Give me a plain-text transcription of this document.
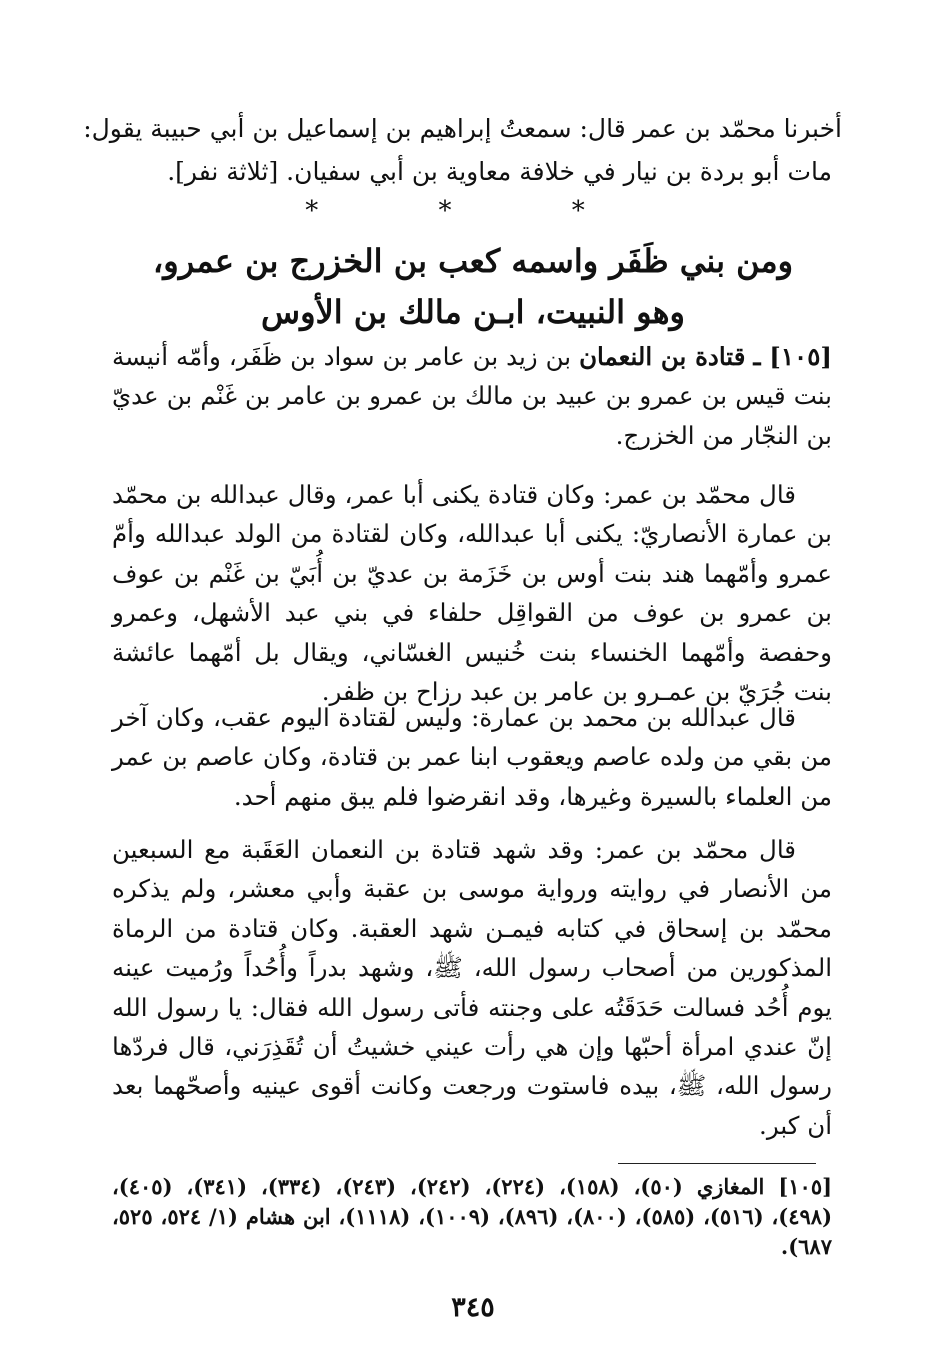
أخبرنا محمّد بن عمر قال: سمعتُ إبراهيم بن إسماعيل بن أبي حبيبة يقول:
مات أبو بردة بن نيار في خلافة معاوية بن أبي سفيان. [ثلاثة نفر].
* * *
ومن بني ظَفَر واسمه كعب بن الخزرج بن عمرو،
وهو النبيت، ابـن مالك بن الأوس
[١٠٥] ـ قتادة بن النعمان بن زيد بن عامر بن سواد بن ظَفَر، وأمّه أنيسة بنت قيس بن عمرو بن عبيد بن مالك بن عمرو بن عامر بن غَنْم بن عديّ بن النجّار من الخزرج.
قال محمّد بن عمر: وكان قتادة يكنى أبا عمر، وقال عبدالله بن محمّد بن عمارة الأنصاريّ: يكنى أبا عبدالله، وكان لقتادة من الولد عبدالله وأمّ عمرو وأمّهما هند بنت أوس بن خَزَمة بن عديّ بن أُبَيّ بن غَنْم بن عوف بن عمرو بن عوف من القواقِل حلفاء في بني عبد الأشهل، وعمرو وحفصة وأمّهما الخنساء بنت خُنيس الغسّاني، ويقال بل أمّهما عائشة بنت جُرَيّ بن عمـرو بن عامر بن عبد رزاح بن ظفر.
قال عبدالله بن محمد بن عمارة: وليس لقتادة اليوم عقب، وكان آخر من بقي من ولده عاصم ويعقوب ابنا عمر بن قتادة، وكان عاصم بن عمر من العلماء بالسيرة وغيرها، وقد انقرضوا فلم يبق منهم أحد.
قال محمّد بن عمر: وقد شهد قتادة بن النعمان العَقَبة مع السبعين من الأنصار في روايته ورواية موسى بن عقبة وأبي معشر، ولم يذكره محمّد بن إسحاق في كتابه فيمـن شهد العقبة. وكان قتادة من الرماة المذكورين من أصحاب رسول الله، ﷺ، وشهد بدراً وأُحُداً ورُميت عينه يوم أُحُد فسالت حَدَقَتُه على وجنته فأتى رسول الله فقال: يا رسول الله إنّ عندي امرأة أحبّها وإن هي رأت عيني خشيتُ أن تُقَذِرَني، قال فردّها رسول الله، ﷺ، بيده فاستوت ورجعت وكانت أقوى عينيه وأصحّهما بعد أن كبر.
[١٠٥] المغازي (٥٠)، (١٥٨)، (٢٢٤)، (٢٤٢)، (٢٤٣)، (٣٣٤)، (٣٤١)، (٤٠٥)، (٤٩٨)، (٥١٦)، (٥٨٥)، (٨٠٠)، (٨٩٦)، (١٠٠٩)، (١١١٨)، ابن هشام (١/ ٥٢٤، ٥٢٥، ٦٨٧).
٣٤٥
